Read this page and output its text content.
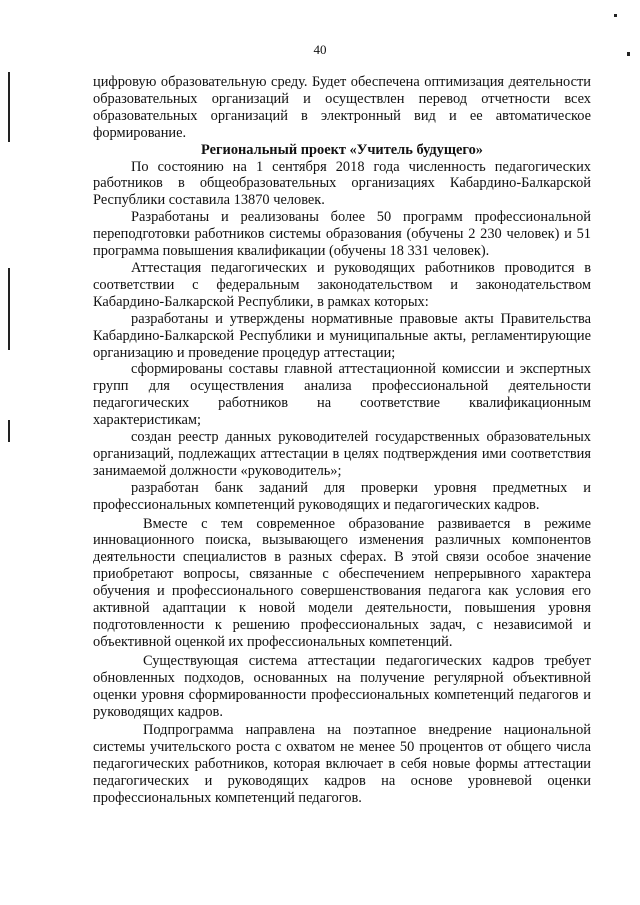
40

цифровую образовательную среду. Будет обеспечена оптимизация деятельности образовательных организаций и осуществлен перевод отчетности всех образовательных организаций в электронный вид и ее автоматическое формирование.

Региональный проект «Учитель будущего»

По состоянию на 1 сентября 2018 года численность педагогических работников в общеобразовательных организациях Кабардино-Балкарской Республики составила 13870 человек.

Разработаны и реализованы более 50 программ профессиональной переподготовки работников системы образования (обучены 2 230 человек) и 51 программа повышения квалификации (обучены 18 331 человек).

Аттестация педагогических и руководящих работников проводится в соответствии с федеральным законодательством и законодательством Кабардино-Балкарской Республики, в рамках которых:

разработаны и утверждены нормативные правовые акты Правительства Кабардино-Балкарской Республики и муниципальные акты, регламентирующие организацию и проведение процедур аттестации;

сформированы составы главной аттестационной комиссии и экспертных групп для осуществления анализа профессиональной деятельности педагогических работников на соответствие квалификационным характеристикам;

создан реестр данных руководителей государственных образовательных организаций, подлежащих аттестации в целях подтверждения ими соответствия занимаемой должности «руководитель»;

разработан банк заданий для проверки уровня предметных и профессиональных компетенций руководящих и педагогических кадров.

Вместе с тем современное образование развивается в режиме инновационного поиска, вызывающего изменения различных компонентов деятельности специалистов в разных сферах. В этой связи особое значение приобретают вопросы, связанные с обеспечением непрерывного характера обучения и профессионального совершенствования педагога как условия его активной адаптации к новой модели деятельности, повышения уровня подготовленности к решению профессиональных задач, с независимой и объективной оценкой их профессиональных компетенций.

Существующая система аттестации педагогических кадров требует обновленных подходов, основанных на получение регулярной объективной оценки уровня сформированности профессиональных компетенций педагогов и руководящих кадров.

Подпрограмма направлена на поэтапное внедрение национальной системы учительского роста с охватом не менее 50 процентов от общего числа педагогических работников, которая включает в себя новые формы аттестации педагогических и руководящих кадров на основе уровневой оценки профессиональных компетенций педагогов.
